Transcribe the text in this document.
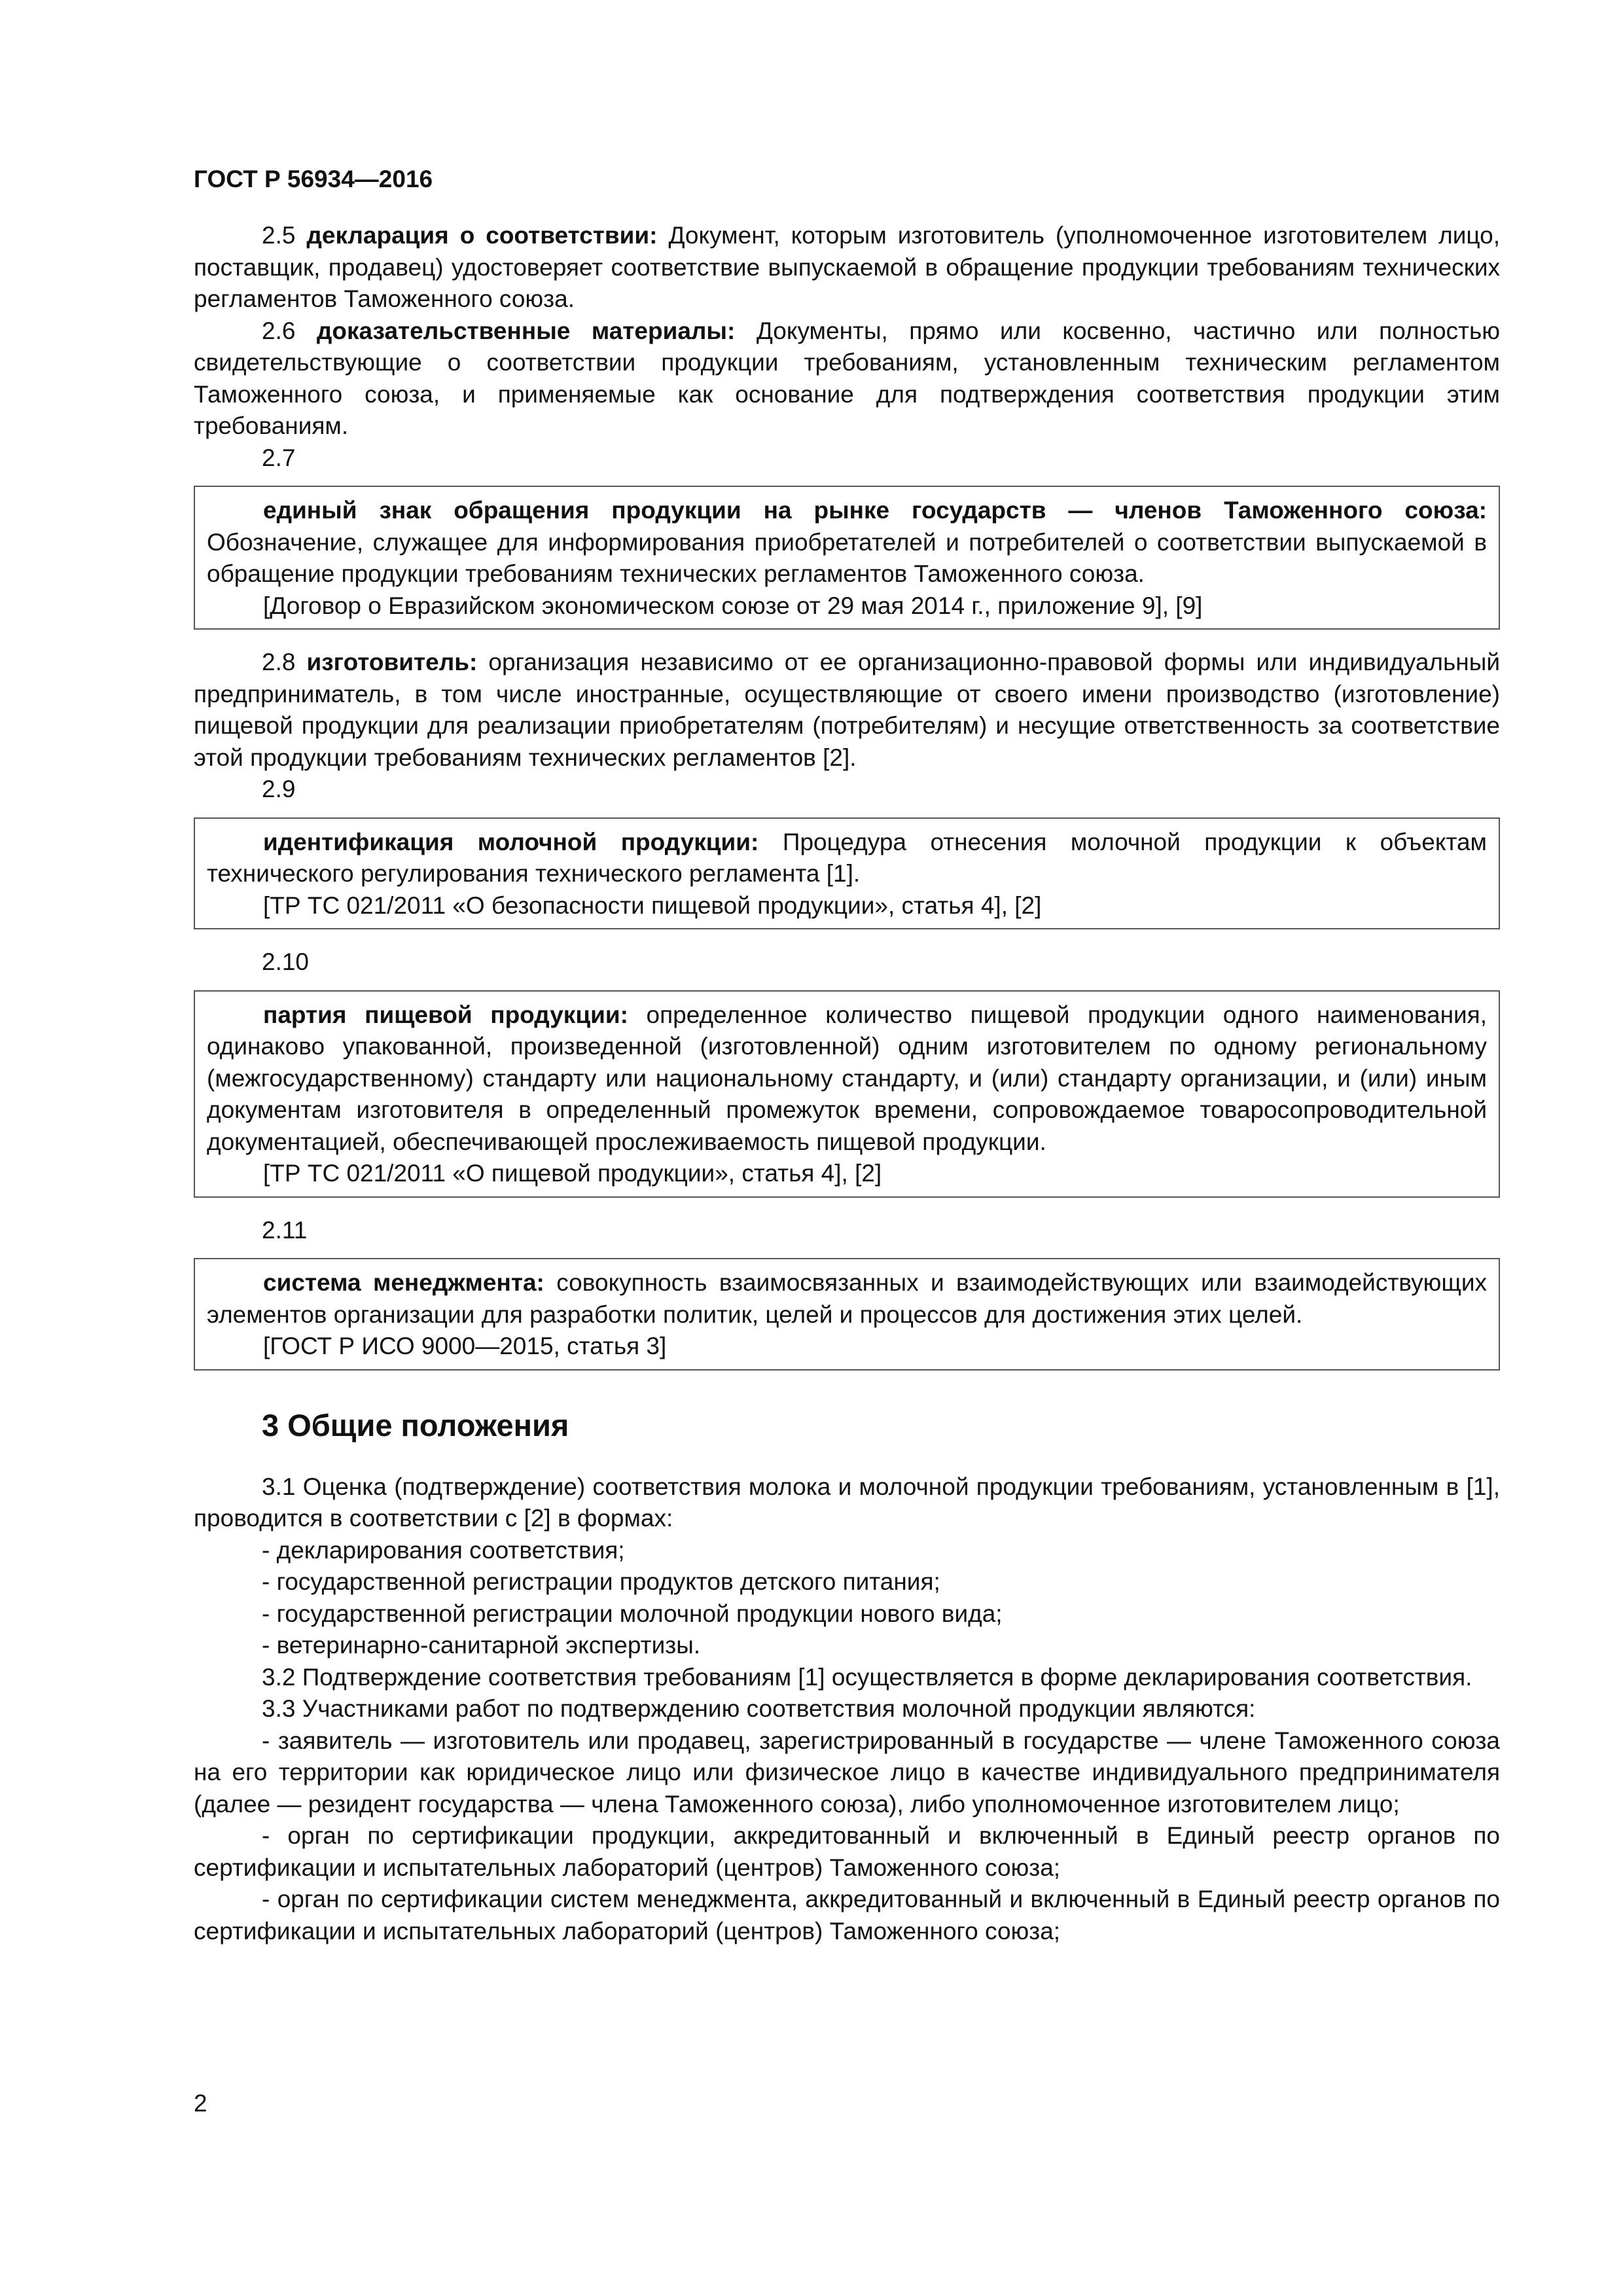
ГОСТ Р 56934—2016

2.5 декларация о соответствии: Документ, которым изготовитель (уполномоченное изготовителем лицо, поставщик, продавец) удостоверяет соответствие выпускаемой в обращение продукции требованиям технических регламентов Таможенного союза.

2.6 доказательственные материалы: Документы, прямо или косвенно, частично или полностью свидетельствующие о соответствии продукции требованиям, установленным техническим регламентом Таможенного союза, и применяемые как основание для подтверждения соответствия продукции этим требованиям.

2.7

единый знак обращения продукции на рынке государств — членов Таможенного союза: Обозначение, служащее для информирования приобретателей и потребителей о соответствии выпускаемой в обращение продукции требованиям технических регламентов Таможенного союза.

[Договор о Евразийском экономическом союзе от 29 мая 2014 г., приложение 9], [9]

2.8 изготовитель: организация независимо от ее организационно-правовой формы или индивидуальный предприниматель, в том числе иностранные, осуществляющие от своего имени производство (изготовление) пищевой продукции для реализации приобретателям (потребителям) и несущие ответственность за соответствие этой продукции требованиям технических регламентов [2].

2.9

идентификация молочной продукции: Процедура отнесения молочной продукции к объектам технического регулирования технического регламента [1].

[ТР ТС 021/2011 «О безопасности пищевой продукции», статья 4], [2]

2.10

партия пищевой продукции: определенное количество пищевой продукции одного наименования, одинаково упакованной, произведенной (изготовленной) одним изготовителем по одному региональному (межгосударственному) стандарту или национальному стандарту, и (или) стандарту организации, и (или) иным документам изготовителя в определенный промежуток времени, сопровождаемое товаросопроводительной документацией, обеспечивающей прослеживаемость пищевой продукции.

[ТР ТС 021/2011 «О пищевой продукции», статья 4], [2]

2.11

система менеджмента: совокупность взаимосвязанных и взаимодействующих или взаимодействующих элементов организации для разработки политик, целей и процессов для достижения этих целей.

[ГОСТ Р ИСО 9000—2015, статья 3]

3 Общие положения

3.1 Оценка (подтверждение) соответствия молока и молочной продукции требованиям, установленным в [1], проводится в соответствии с [2] в формах:

- декларирования соответствия;

- государственной регистрации продуктов детского питания;

- государственной регистрации молочной продукции нового вида;

- ветеринарно-санитарной экспертизы.

3.2 Подтверждение соответствия требованиям [1] осуществляется в форме декларирования соответствия.

3.3 Участниками работ по подтверждению соответствия молочной продукции являются:

- заявитель — изготовитель или продавец, зарегистрированный в государстве — члене Таможенного союза на его территории как юридическое лицо или физическое лицо в качестве индивидуального предпринимателя (далее — резидент государства — члена Таможенного союза), либо уполномоченное изготовителем лицо;

- орган по сертификации продукции, аккредитованный и включенный в Единый реестр органов по сертификации и испытательных лабораторий (центров) Таможенного союза;

- орган по сертификации систем менеджмента, аккредитованный и включенный в Единый реестр органов по сертификации и испытательных лабораторий (центров) Таможенного союза;

2
